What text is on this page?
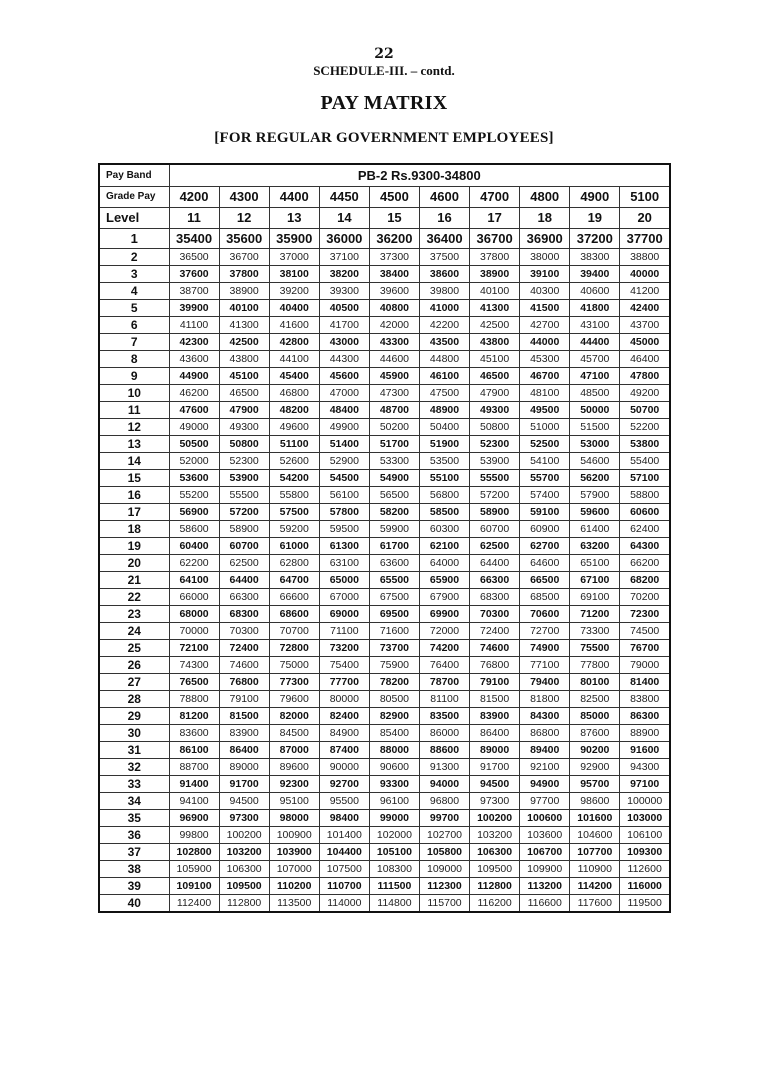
22
SCHEDULE-III. – contd.
PAY MATRIX
[FOR REGULAR GOVERNMENT EMPLOYEES]
Pay Band	PB-2 Rs.9300-34800									
Grade Pay	4200	4300	4400	4450	4500	4600	4700	4800	4900	5100
Level	11	12	13	14	15	16	17	18	19	20
1	35400	35600	35900	36000	36200	36400	36700	36900	37200	37700
2	36500	36700	37000	37100	37300	37500	37800	38000	38300	38800
3	37600	37800	38100	38200	38400	38600	38900	39100	39400	40000
4	38700	38900	39200	39300	39600	39800	40100	40300	40600	41200
5	39900	40100	40400	40500	40800	41000	41300	41500	41800	42400
6	41100	41300	41600	41700	42000	42200	42500	42700	43100	43700
7	42300	42500	42800	43000	43300	43500	43800	44000	44400	45000
8	43600	43800	44100	44300	44600	44800	45100	45300	45700	46400
9	44900	45100	45400	45600	45900	46100	46500	46700	47100	47800
10	46200	46500	46800	47000	47300	47500	47900	48100	48500	49200
11	47600	47900	48200	48400	48700	48900	49300	49500	50000	50700
12	49000	49300	49600	49900	50200	50400	50800	51000	51500	52200
13	50500	50800	51100	51400	51700	51900	52300	52500	53000	53800
14	52000	52300	52600	52900	53300	53500	53900	54100	54600	55400
15	53600	53900	54200	54500	54900	55100	55500	55700	56200	57100
16	55200	55500	55800	56100	56500	56800	57200	57400	57900	58800
17	56900	57200	57500	57800	58200	58500	58900	59100	59600	60600
18	58600	58900	59200	59500	59900	60300	60700	60900	61400	62400
19	60400	60700	61000	61300	61700	62100	62500	62700	63200	64300
20	62200	62500	62800	63100	63600	64000	64400	64600	65100	66200
21	64100	64400	64700	65000	65500	65900	66300	66500	67100	68200
22	66000	66300	66600	67000	67500	67900	68300	68500	69100	70200
23	68000	68300	68600	69000	69500	69900	70300	70600	71200	72300
24	70000	70300	70700	71100	71600	72000	72400	72700	73300	74500
25	72100	72400	72800	73200	73700	74200	74600	74900	75500	76700
26	74300	74600	75000	75400	75900	76400	76800	77100	77800	79000
27	76500	76800	77300	77700	78200	78700	79100	79400	80100	81400
28	78800	79100	79600	80000	80500	81100	81500	81800	82500	83800
29	81200	81500	82000	82400	82900	83500	83900	84300	85000	86300
30	83600	83900	84500	84900	85400	86000	86400	86800	87600	88900
31	86100	86400	87000	87400	88000	88600	89000	89400	90200	91600
32	88700	89000	89600	90000	90600	91300	91700	92100	92900	94300
33	91400	91700	92300	92700	93300	94000	94500	94900	95700	97100
34	94100	94500	95100	95500	96100	96800	97300	97700	98600	100000
35	96900	97300	98000	98400	99000	99700	100200	100600	101600	103000
36	99800	100200	100900	101400	102000	102700	103200	103600	104600	106100
37	102800	103200	103900	104400	105100	105800	106300	106700	107700	109300
38	105900	106300	107000	107500	108300	109000	109500	109900	110900	112600
39	109100	109500	110200	110700	111500	112300	112800	113200	114200	116000
40	112400	112800	113500	114000	114800	115700	116200	116600	117600	119500
